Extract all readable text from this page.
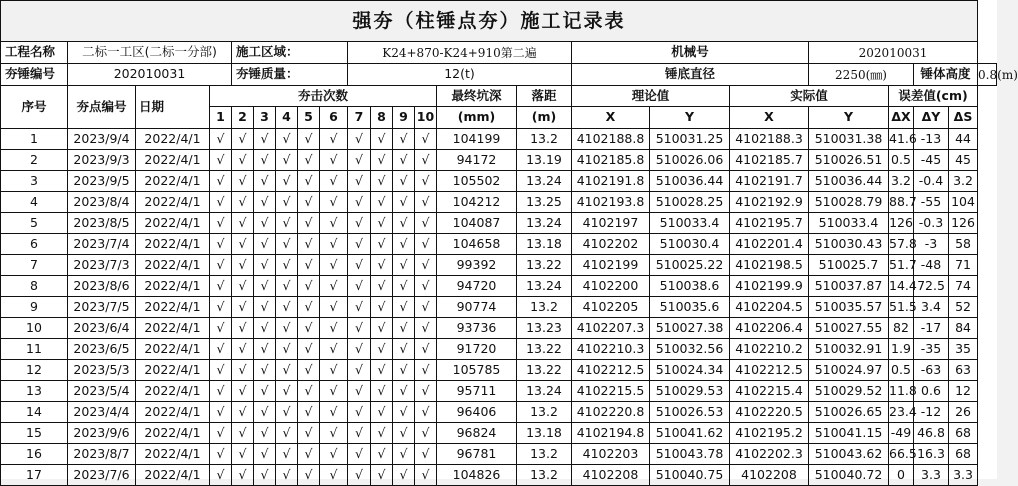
强夯（柱锤点夯）施工记录表																						
工程名称	二标一工区(二标一分部)			施工区域：					K24+870-K24+910第二遍						机械号			202010031				
夯锤编号	202010031			夯锤质量：					12(t)						锤底直径			2250(㎜)		锤体高度		0.8(m)
序号	夯点编号	日期	夯击次数										最终坑深	落距	理论值		实际值		误差值(cm)			
			1	2	3	4	5	6	7	8	9	10	(mm)	(m)	X	Y	X	Y	ΔX	ΔY	ΔS	

1	2023/9/4	2022/4/1	√	√	√	√	√	√	√	√	√	√	104199	13.2	4102188.8	510031.25	4102188.3	510031.38	41.6	-13	44	
2	2023/9/3	2022/4/1	√	√	√	√	√	√	√	√	√	√	94172	13.19	4102185.8	510026.06	4102185.7	510026.51	0.5	-45	45	
3	2023/9/5	2022/4/1	√	√	√	√	√	√	√	√	√	√	105502	13.24	4102191.8	510036.44	4102191.7	510036.44	3.2	-0.4	3.2	
4	2023/8/4	2022/4/1	√	√	√	√	√	√	√	√	√	√	104212	13.25	4102193.8	510028.25	4102192.9	510028.79	88.7	-55	104	
5	2023/8/5	2022/4/1	√	√	√	√	√	√	√	√	√	√	104087	13.24	4102197	510033.4	4102195.7	510033.4	126	-0.3	126	
6	2023/7/4	2022/4/1	√	√	√	√	√	√	√	√	√	√	104658	13.18	4102202	510030.4	4102201.4	510030.43	57.8	-3	58	
7	2023/7/3	2022/4/1	√	√	√	√	√	√	√	√	√	√	99392	13.22	4102199	510025.22	4102198.5	510025.7	51.7	-48	71	
8	2023/8/6	2022/4/1	√	√	√	√	√	√	√	√	√	√	94720	13.24	4102200	510038.6	4102199.9	510037.87	14.4	72.5	74	
9	2023/7/5	2022/4/1	√	√	√	√	√	√	√	√	√	√	90774	13.2	4102205	510035.6	4102204.5	510035.57	51.5	3.4	52	
10	2023/6/4	2022/4/1	√	√	√	√	√	√	√	√	√	√	93736	13.23	4102207.3	510027.38	4102206.4	510027.55	82	-17	84	
11	2023/6/5	2022/4/1	√	√	√	√	√	√	√	√	√	√	91720	13.22	4102210.3	510032.56	4102210.2	510032.91	1.9	-35	35	
12	2023/5/3	2022/4/1	√	√	√	√	√	√	√	√	√	√	105785	13.22	4102212.5	510024.34	4102212.5	510024.97	0.5	-63	63	
13	2023/5/4	2022/4/1	√	√	√	√	√	√	√	√	√	√	95711	13.24	4102215.5	510029.53	4102215.4	510029.52	11.8	0.6	12	
14	2023/4/4	2022/4/1	√	√	√	√	√	√	√	√	√	√	96406	13.2	4102220.8	510026.53	4102220.5	510026.65	23.4	-12	26	
15	2023/9/6	2022/4/1	√	√	√	√	√	√	√	√	√	√	96824	13.18	4102194.8	510041.62	4102195.2	510041.15	-49	46.8	68	
16	2023/8/7	2022/4/1	√	√	√	√	√	√	√	√	√	√	96781	13.2	4102203	510043.78	4102202.3	510043.62	66.5	16.3	68	
17	2023/7/6	2022/4/1	√	√	√	√	√	√	√	√	√	√	104826	13.2	4102208	510040.75	4102208	510040.72	0	3.3	3.3	
